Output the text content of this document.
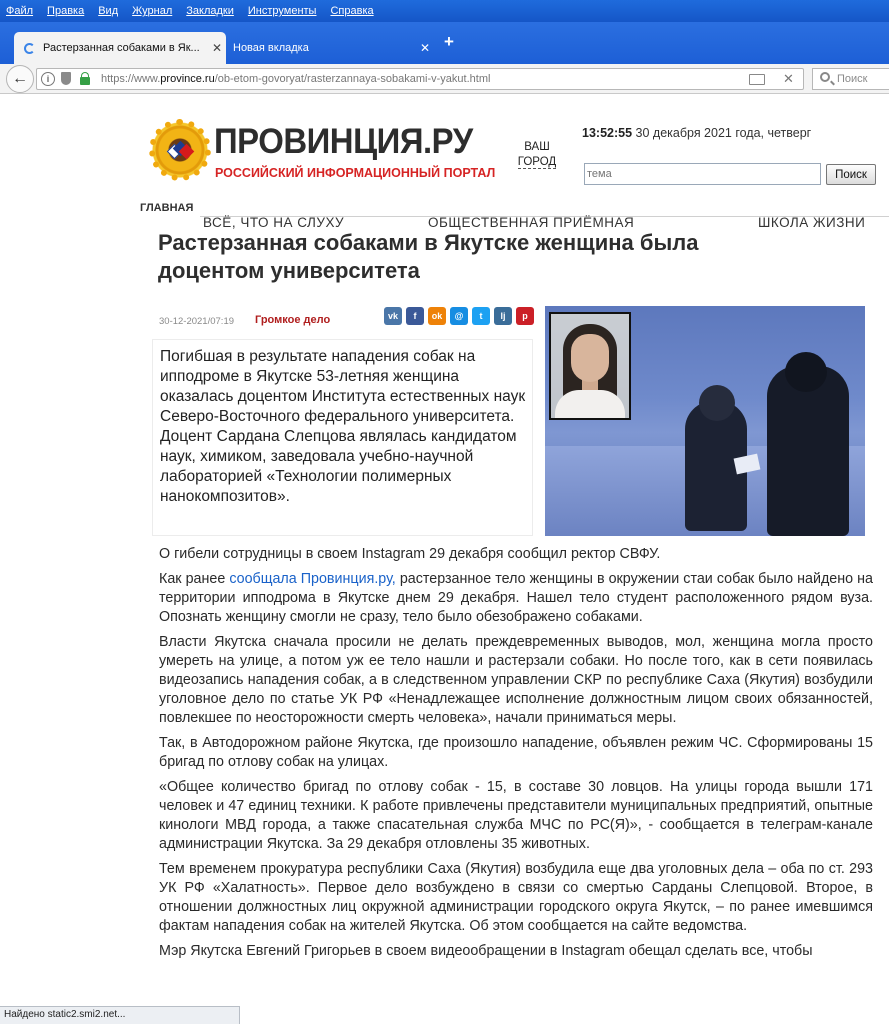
Файл Правка Вид Журнал Закладки Инструменты Справка
Растерзанная собаками в Як...	✕ Новая вкладка	✕ +
←	i	https://www.province.ru/ob-etom-govoryat/rasterzannaya-sobakami-v-yakut.html	✕	Поиск
ПРОВИНЦИЯ.РУ
РОССИЙСКИЙ ИНФОРМАЦИОННЫЙ ПОРТАЛ
ВАШ
ГОРОД
13:52:55 30 декабря 2021 года, четверг
тема
Поиск
ГЛАВНАЯ
ВСЁ, ЧТО НА СЛУХУ	ОБЩЕСТВЕННАЯ ПРИЁМНАЯ	ШКОЛА ЖИЗНИ
Растерзанная собаками в Якутске женщина была доцентом университета
30-12-2021/07:19 Громкое дело	vk	f	ok	@	t	lj	p
Погибшая в результате нападения собак на ипподроме в Якутске 53-летняя женщина оказалась доцентом Института естественных наук Северо-Восточного федерального университета. Доцент Сардана Слепцова являлась кандидатом наук, химиком, заведовала учебно-научной лабораторией «Технологии полимерных нанокомпозитов».

О гибели сотрудницы в своем Instagram 29 декабря сообщил ректор СВФУ.

Как ранее сообщала Провинция.ру, растерзанное тело женщины в окружении стаи собак было найдено на территории ипподрома в Якутске днем 29 декабря. Нашел тело студент расположенного рядом вуза. Опознать женщину смогли не сразу, тело было обезображено собаками.

Власти Якутска сначала просили не делать преждевременных выводов, мол, женщина могла просто умереть на улице, а потом уж ее тело нашли и растерзали собаки. Но после того, как в сети появилась видеозапись нападения собак, а в следственном управлении СКР по республике Саха (Якутия) возбудили уголовное дело по статье УК РФ «Ненадлежащее исполнение должностным лицом своих обязанностей, повлекшее по неосторожности смерть человека», начали приниматься меры.

Так, в Автодорожном районе Якутска, где произошло нападение, объявлен режим ЧС. Сформированы 15 бригад по отлову собак на улицах.

«Общее количество бригад по отлову собак - 15, в составе 30 ловцов. На улицы города вышли 171 человек и 47 единиц техники. К работе привлечены представители муниципальных предприятий, опытные кинологи МВД города, а также спасательная служба МЧС по РС(Я)», - сообщается в телеграм-канале администрации Якутска. За 29 декабря отловлены 35 животных.

Тем временем прокуратура республики Саха (Якутия) возбудила еще два уголовных дела – оба по ст. 293 УК РФ «Халатность». Первое дело возбуждено в связи со смертью Сарданы Слепцовой. Второе, в отношении должностных лиц окружной администрации городского округа Якутск, – по ранее имевшимся фактам нападения собак на жителей Якутска. Об этом сообщается на сайте ведомства.

Мэр Якутска Евгений Григорьев в своем видеообращении в Instagram обещал сделать все, чтобы

Найдено static2.smi2.net...
